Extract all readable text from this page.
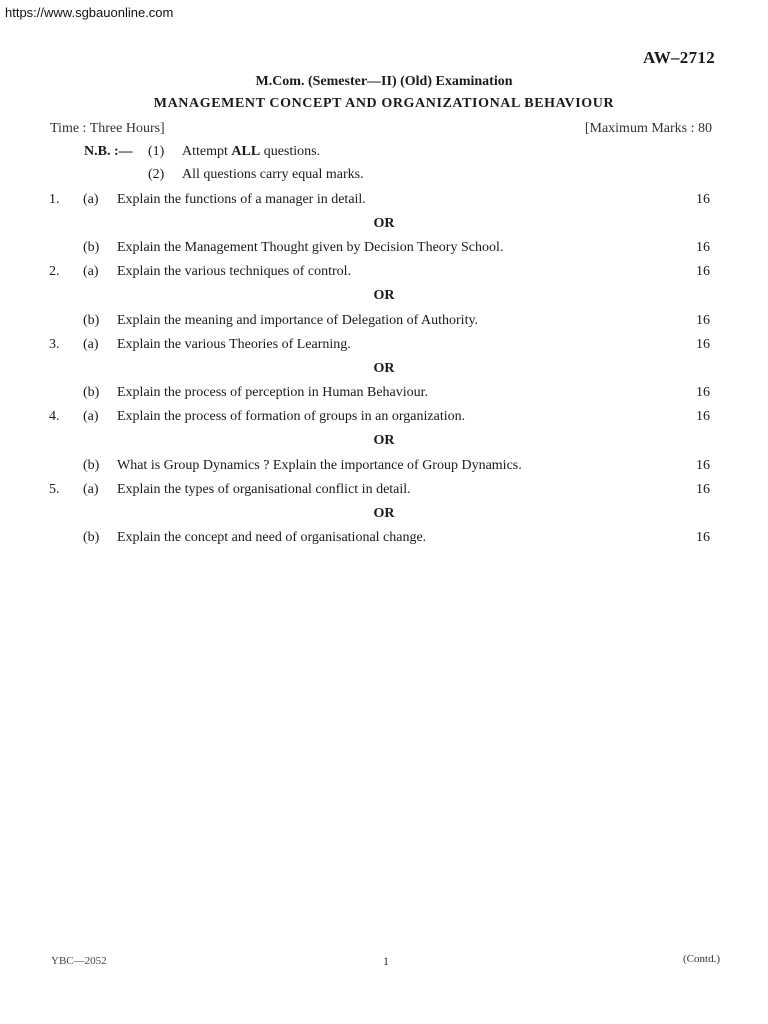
https://www.sgbauonline.com
AW–2712
M.Com. (Semester—II) (Old) Examination
MANAGEMENT CONCEPT AND ORGANIZATIONAL BEHAVIOUR
Time : Three Hours]	[Maximum Marks : 80
N.B. :— (1) Attempt ALL questions.
(2) All questions carry equal marks.
1. (a) Explain the functions of a manager in detail.	16
OR
(b) Explain the Management Thought given by Decision Theory School.	16
2. (a) Explain the various techniques of control.	16
OR
(b) Explain the meaning and importance of Delegation of Authority.	16
3. (a) Explain the various Theories of Learning.	16
OR
(b) Explain the process of perception in Human Behaviour.	16
4. (a) Explain the process of formation of groups in an organization.	16
OR
(b) What is Group Dynamics ? Explain the importance of Group Dynamics.	16
5. (a) Explain the types of organisational conflict in detail.	16
OR
(b) Explain the concept and need of organisational change.	16
YBC—2052	1	(Contd.)
